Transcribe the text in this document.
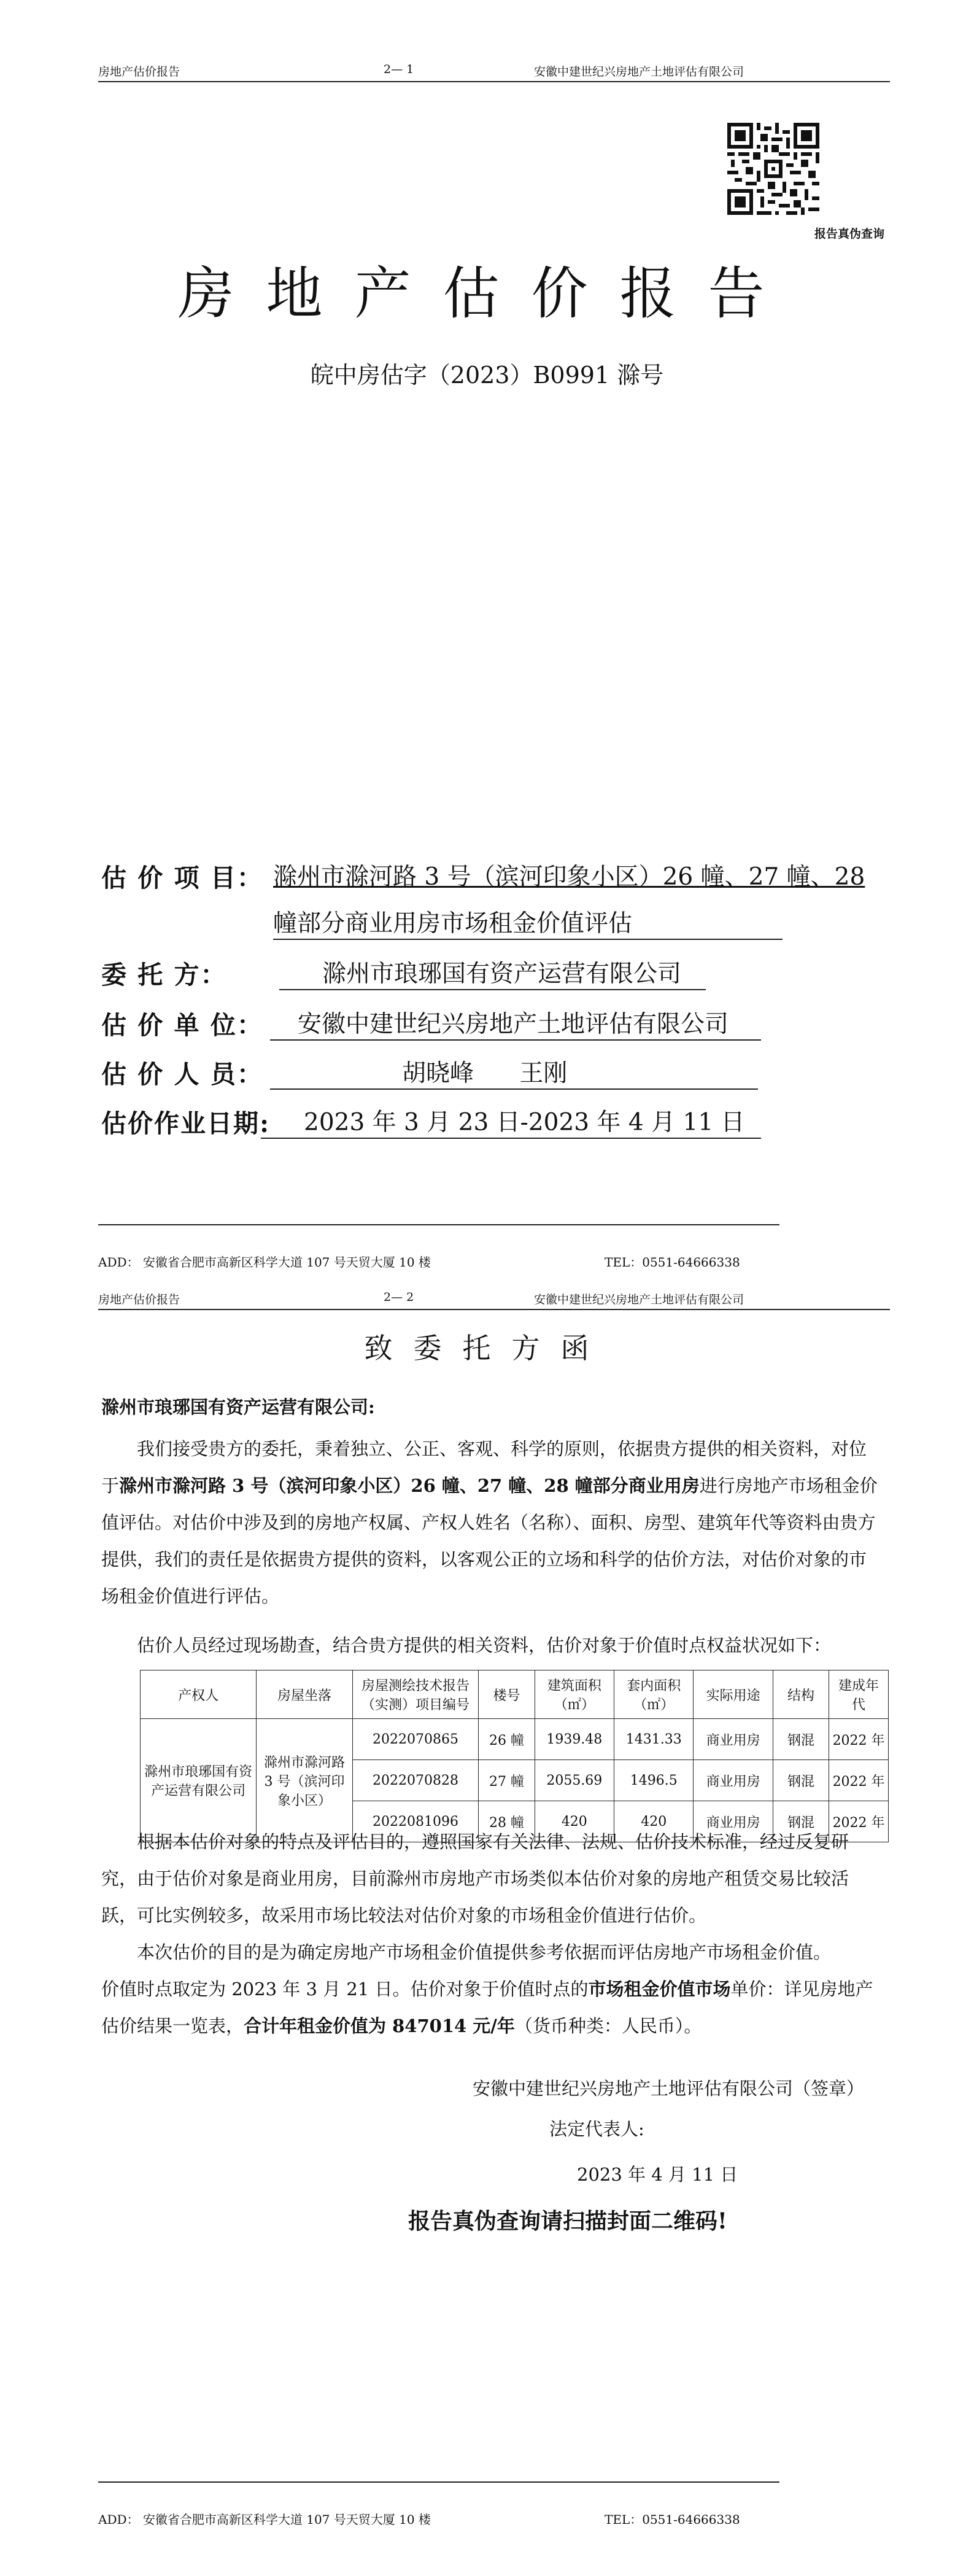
房地产估价报告	2— 1	安徽中建世纪兴房地产土地评估有限公司
报告真伪查询
房地产估价报告
皖中房估字（2023）B0991 滁号
估 价 项 目： 滁州市滁河路 3 号（滨河印象小区）26 幢、27 幢、28
幢部分商业用房市场租金价值评估
委 托 方：	滁州市琅琊国有资产运营有限公司
估 价 单 位：	安徽中建世纪兴房地产土地评估有限公司
估 价 人 员：	胡晓峰      王刚
估价作业日期:	2023 年 3 月 23 日-2023 年 4 月 11 日
ADD： 安徽省合肥市高新区科学大道 107 号天贸大厦 10 楼	TEL：0551-64666338
房地产估价报告	2— 2	安徽中建世纪兴房地产土地评估有限公司
致委托方函
滁州市琅琊国有资产运营有限公司:

我们接受贵方的委托，秉着独立、公正、客观、科学的原则，依据贵方提供的相关资料，对位于滁州市滁河路 3 号（滨河印象小区）26 幢、27 幢、28 幢部分商业用房进行房地产市场租金价值评估。对估价中涉及到的房地产权属、产权人姓名（名称）、面积、房型、建筑年代等资料由贵方提供，我们的责任是依据贵方提供的资料，以客观公正的立场和科学的估价方法，对估价对象的市场租金价值进行评估。

估价人员经过现场勘查，结合贵方提供的相关资料，估价对象于价值时点权益状况如下：

产权人	房屋坐落	房屋测绘技术报告（实测）项目编号	楼号	建筑面积（㎡）	套内面积（㎡）	实际用途	结构	建成年代
滁州市琅琊国有资产运营有限公司	滁州市滁河路 3 号（滨河印象小区）	2022070865	26 幢	1939.48	1431.33	商业用房	钢混	2022 年
		2022070828	27 幢	2055.69	1496.5	商业用房	钢混	2022 年
		2022081096	28 幢	420	420	商业用房	钢混	2022 年

根据本估价对象的特点及评估目的，遵照国家有关法律、法规、估价技术标准，经过反复研究，由于估价对象是商业用房，目前滁州市房地产市场类似本估价对象的房地产租赁交易比较活跃，可比实例较多，故采用市场比较法对估价对象的市场租金价值进行估价。

本次估价的目的是为确定房地产市场租金价值提供参考依据而评估房地产市场租金价值。

价值时点取定为 2023 年 3 月 21 日。估价对象于价值时点的市场租金价值市场单价：详见房地产估价结果一览表，合计年租金价值为 847014 元/年（货币种类：人民币）。

安徽中建世纪兴房地产土地评估有限公司（签章）
法定代表人:
2023 年 4 月 11 日
报告真伪查询请扫描封面二维码!
ADD： 安徽省合肥市高新区科学大道 107 号天贸大厦 10 楼	TEL：0551-64666338
